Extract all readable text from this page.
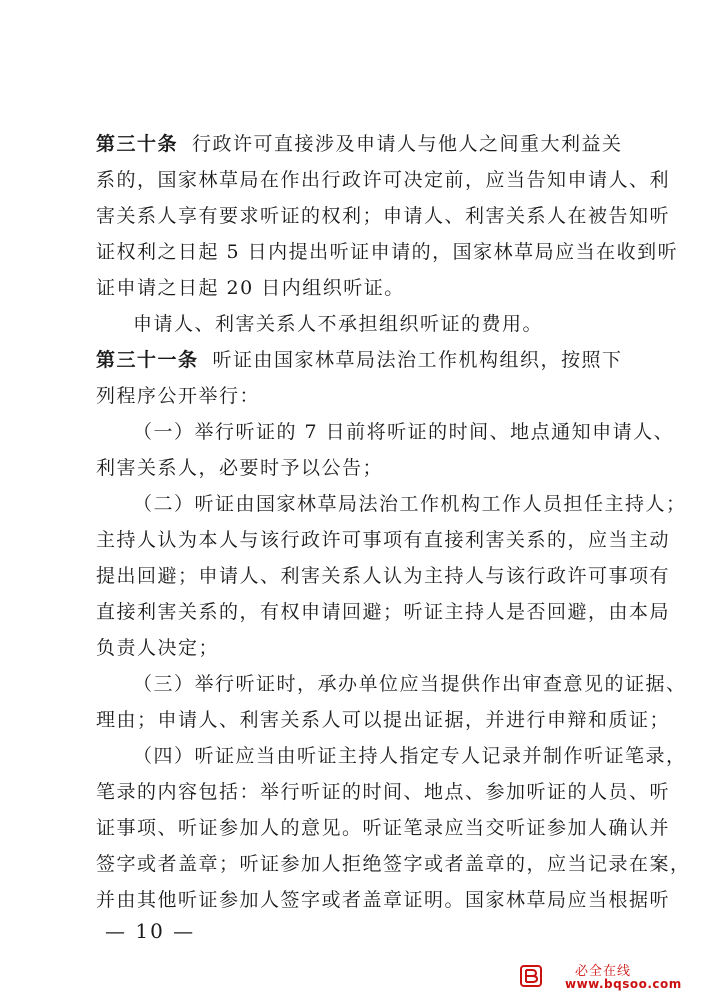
第三十条 行政许可直接涉及申请人与他人之间重大利益关
系的，国家林草局在作出行政许可决定前，应当告知申请人、利
害关系人享有要求听证的权利；申请人、利害关系人在被告知听
证权利之日起 5 日内提出听证申请的，国家林草局应当在收到听
证申请之日起 20 日内组织听证。
申请人、利害关系人不承担组织听证的费用。
第三十一条 听证由国家林草局法治工作机构组织，按照下
列程序公开举行：
（一）举行听证的 7 日前将听证的时间、地点通知申请人、
利害关系人，必要时予以公告；
（二）听证由国家林草局法治工作机构工作人员担任主持人；
主持人认为本人与该行政许可事项有直接利害关系的，应当主动
提出回避；申请人、利害关系人认为主持人与该行政许可事项有
直接利害关系的，有权申请回避；听证主持人是否回避，由本局
负责人决定；
（三）举行听证时，承办单位应当提供作出审查意见的证据、
理由；申请人、利害关系人可以提出证据，并进行申辩和质证；
（四）听证应当由听证主持人指定专人记录并制作听证笔录，
笔录的内容包括：举行听证的时间、地点、参加听证的人员、听
证事项、听证参加人的意见。听证笔录应当交听证参加人确认并
签字或者盖章；听证参加人拒绝签字或者盖章的，应当记录在案，
并由其他听证参加人签字或者盖章证明。国家林草局应当根据听
— 10 —
必全在线
www.bqsoo.com
